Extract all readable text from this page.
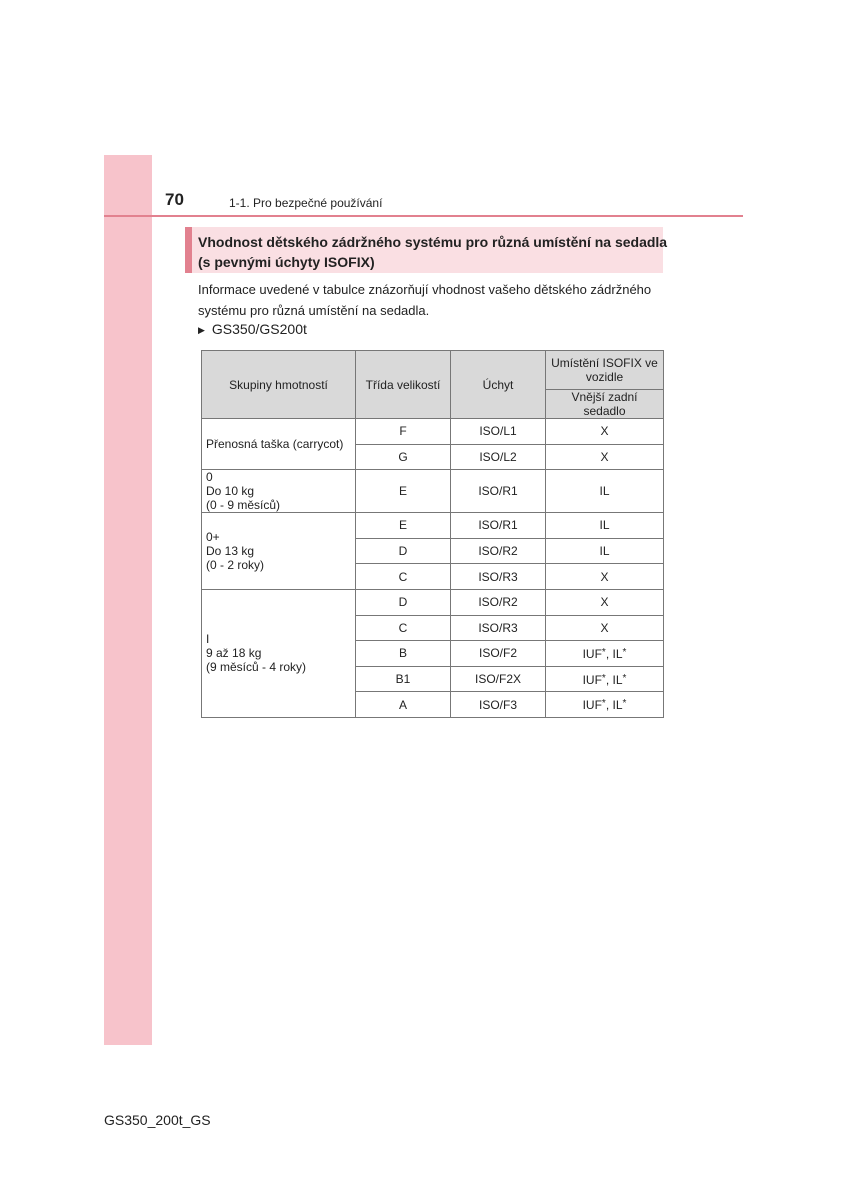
70	1-1. Pro bezpečné používání
Vhodnost dětského zádržného systému pro různá umístění na sedadla
(s pevnými úchyty ISOFIX)
Informace uvedené v tabulce znázorňují vhodnost vašeho dětského zádržného
systému pro různá umístění na sedadla.
▶ GS350/GS200t
Skupiny hmotností	Třída velikostí	Úchyt	Umístění ISOFIX ve vozidle
			Vnější zadní sedadlo

Přenosná taška (carrycot)	F	ISO/L1	X
	G	ISO/L2	X

0
Do 10 kg
(0 - 9 měsíců)	E	ISO/R1	IL

0+
Do 13 kg
(0 - 2 roky)	E	ISO/R1	IL
	D	ISO/R2	IL
	C	ISO/R3	X

I
9 až 18 kg
(9 měsíců - 4 roky)	D	ISO/R2	X
	C	ISO/R3	X
	B	ISO/F2	IUF*, IL*
	B1	ISO/F2X	IUF*, IL*
	A	ISO/F3	IUF*, IL*
GS350_200t_GS
